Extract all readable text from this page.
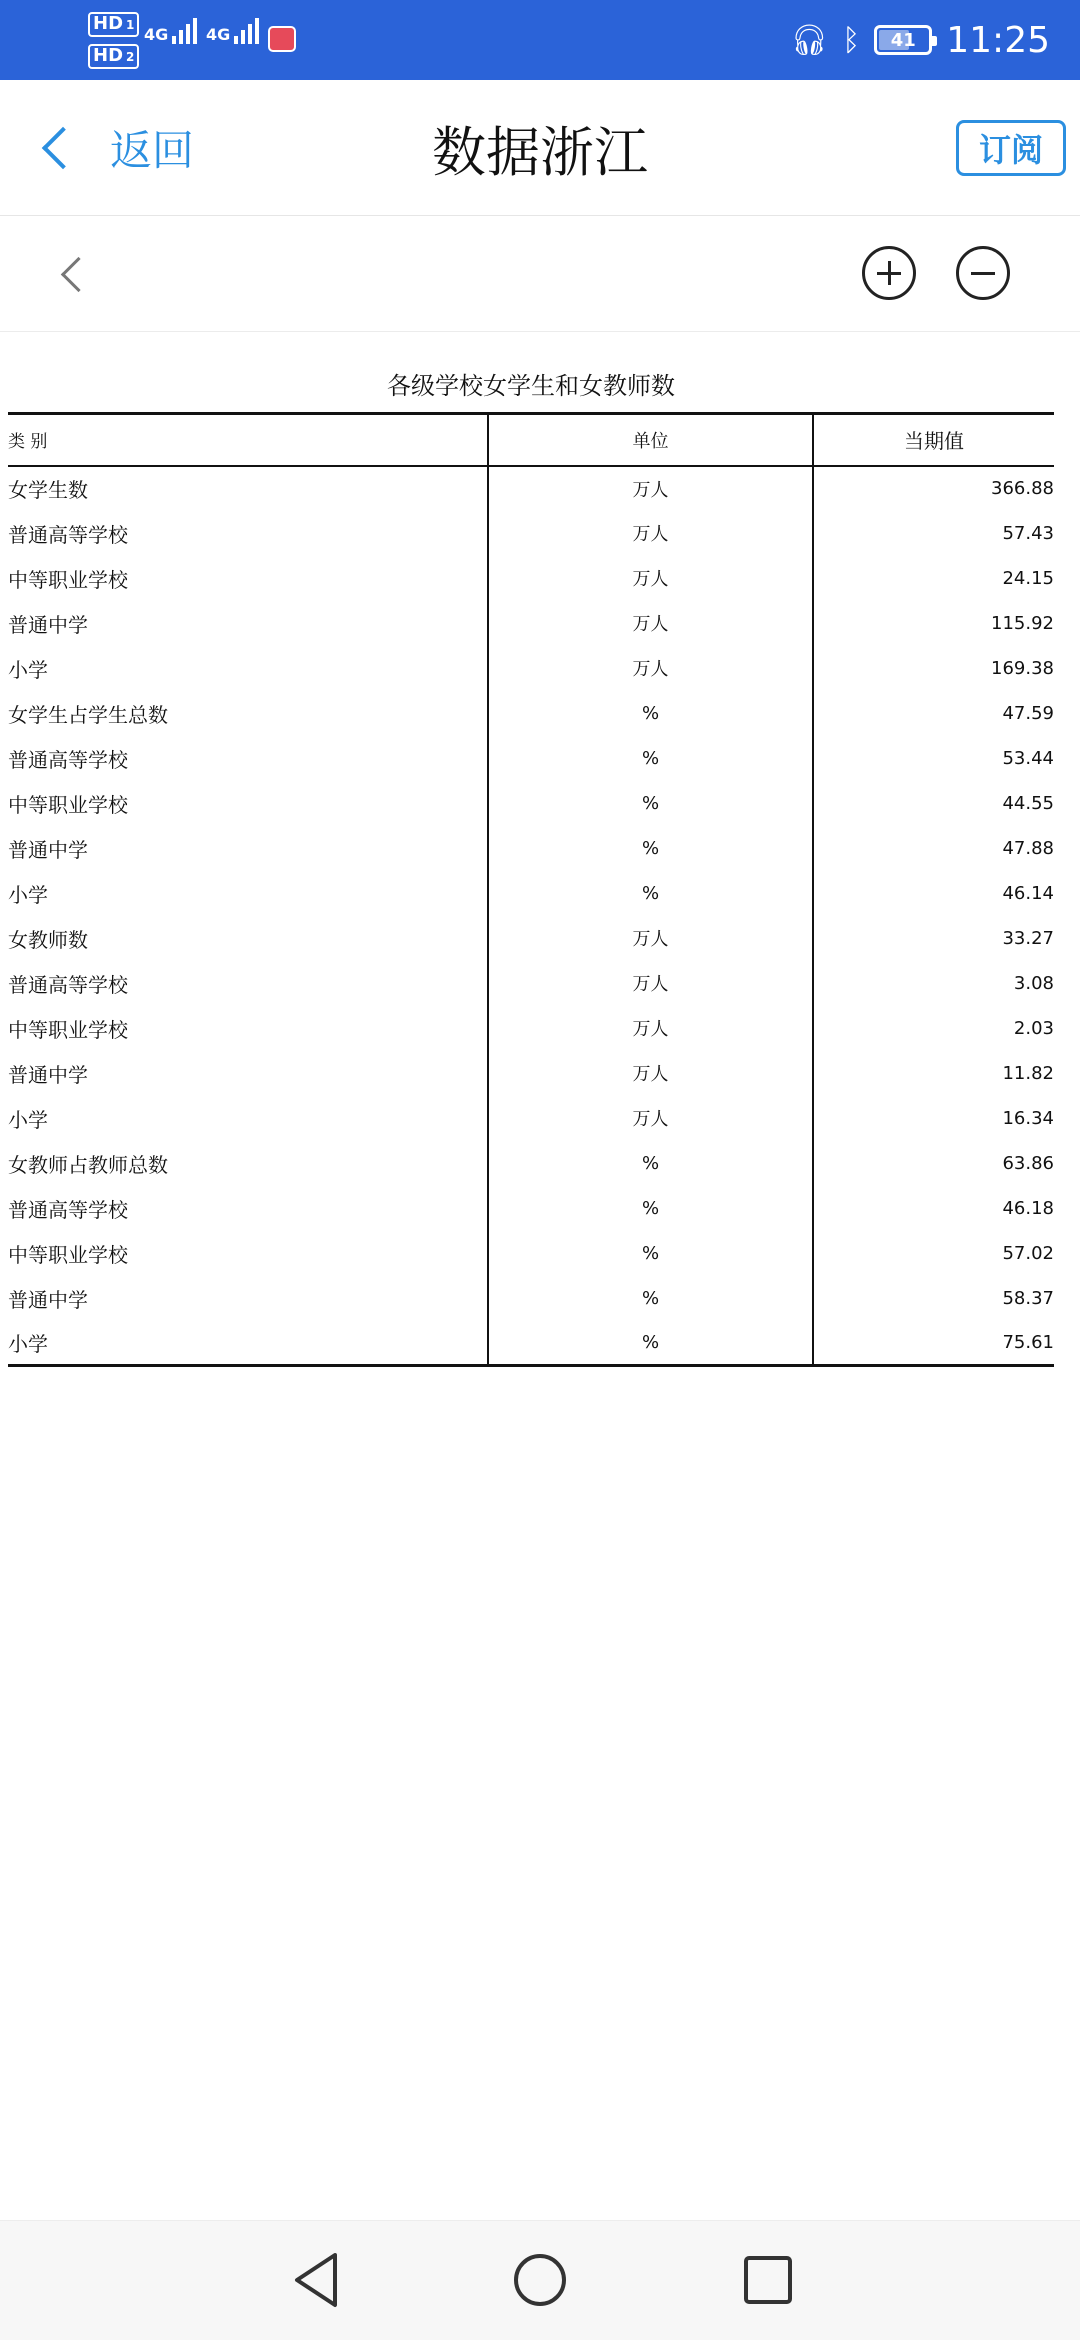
HD 1
HD 2
4G 4G	🎧︎ ᛒ 41 11:25
返回	数据浙江	订阅
各级学校女学生和女教师数
类 别	单位	当期值
女学生数	万人	366.88
普通高等学校	万人	57.43
中等职业学校	万人	24.15
普通中学	万人	115.92
小学	万人	169.38
女学生占学生总数	%	47.59
普通高等学校	%	53.44
中等职业学校	%	44.55
普通中学	%	47.88
小学	%	46.14
女教师数	万人	33.27
普通高等学校	万人	3.08
中等职业学校	万人	2.03
普通中学	万人	11.82
小学	万人	16.34
女教师占教师总数	%	63.86
普通高等学校	%	46.18
中等职业学校	%	57.02
普通中学	%	58.37
小学	%	75.61
